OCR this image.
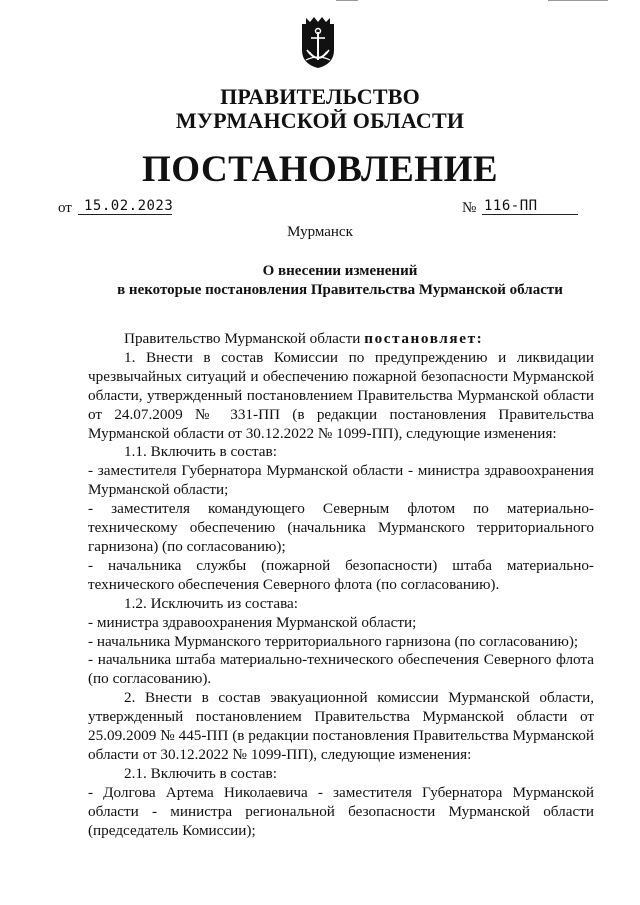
ПРАВИТЕЛЬСТВО
МУРМАНСКОЙ ОБЛАСТИ
ПОСТАНОВЛЕНИЕ
от 15.02.2023	№ 116-ПП
Мурманск
О внесении изменений
в некоторые постановления Правительства Мурманской области

Правительство Мурманской области постановляет:

1. Внести в состав Комиссии по предупреждению и ликвидации чрезвычайных ситуаций и обеспечению пожарной безопасности Мурманской области, утвержденный постановлением Правительства Мурманской области от 24.07.2009 № 331-ПП (в редакции постановления Правительства Мурманской области от 30.12.2022 № 1099-ПП), следующие изменения:

1.1. Включить в состав:

- заместителя Губернатора Мурманской области - министра здравоохранения Мурманской области;

- заместителя командующего Северным флотом по материально-техническому обеспечению (начальника Мурманского территориального гарнизона) (по согласованию);

- начальника службы (пожарной безопасности) штаба материально-технического обеспечения Северного флота (по согласованию).

1.2. Исключить из состава:

- министра здравоохранения Мурманской области;

- начальника Мурманского территориального гарнизона (по согласованию);

- начальника штаба материально-технического обеспечения Северного флота (по согласованию).

2. Внести в состав эвакуационной комиссии Мурманской области, утвержденный постановлением Правительства Мурманской области от 25.09.2009 № 445-ПП (в редакции постановления Правительства Мурманской области от 30.12.2022 № 1099-ПП), следующие изменения:

2.1. Включить в состав:

- Долгова Артема Николаевича - заместителя Губернатора Мурманской области - министра региональной безопасности Мурманской области (председатель Комиссии);
